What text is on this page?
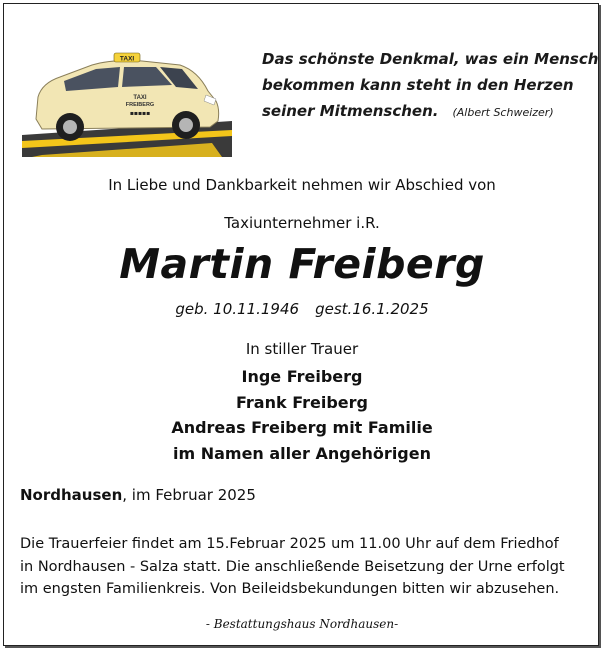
TAXI
TAXI
FREIBERG
▪▪▪▪▪
Das schönste Denkmal, was ein Mensch
bekommen kann steht in den Herzen
seiner Mitmenschen. (Albert Schweizer)
In Liebe und Dankbarkeit nehmen wir Abschied von
Taxiunternehmer i.R.
Martin Freiberg
geb. 10.11.1946 gest.16.1.2025
In stiller Trauer
Inge Freiberg
Frank Freiberg
Andreas Freiberg mit Familie
im Namen aller Angehörigen
Nordhausen, im Februar 2025
Die Trauerfeier findet am 15.Februar 2025 um 11.00 Uhr auf dem Friedhof
in Nordhausen - Salza statt. Die anschließende Beisetzung der Urne erfolgt
im engsten Familienkreis. Von Beileidsbekundungen bitten wir abzusehen.
- Bestattungshaus Nordhausen-
